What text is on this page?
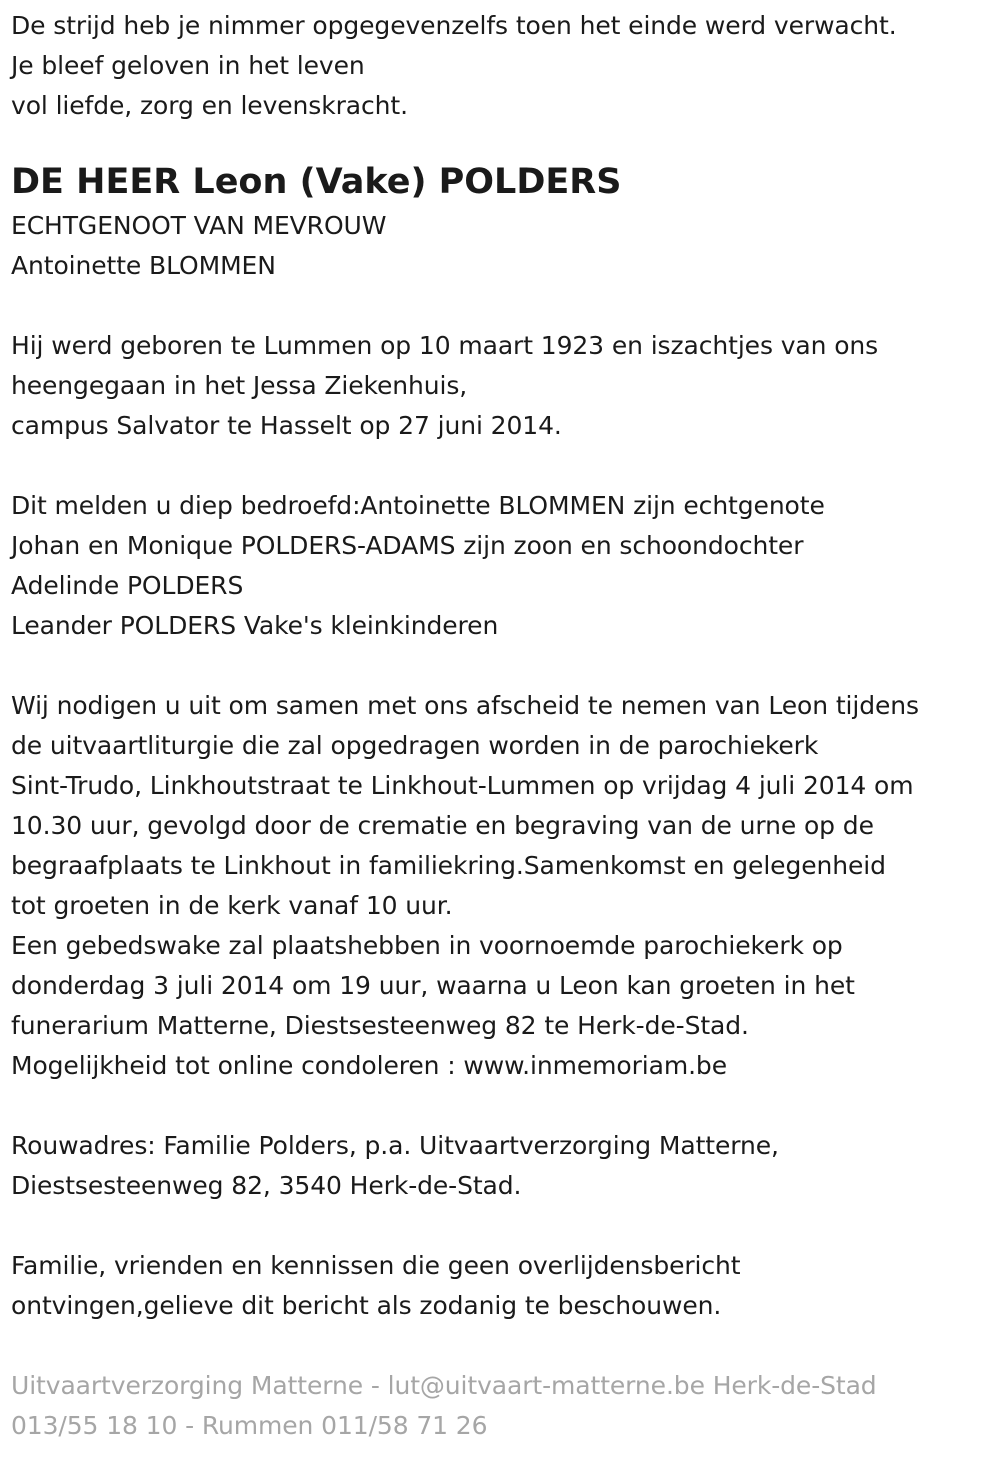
De strijd heb je nimmer opgegevenzelfs toen het einde werd verwacht.
Je bleef geloven in het leven
vol liefde, zorg en levenskracht.
DE HEER Leon (Vake) POLDERS
ECHTGENOOT VAN MEVROUW
Antoinette BLOMMEN
Hij werd geboren te Lummen op 10 maart 1923 en iszachtjes van ons
heengegaan in het Jessa Ziekenhuis,
campus Salvator te Hasselt op 27 juni 2014.
Dit melden u diep bedroefd:Antoinette BLOMMEN zijn echtgenote
Johan en Monique POLDERS-ADAMS zijn zoon en schoondochter
Adelinde POLDERS
Leander POLDERS Vake's kleinkinderen
Wij nodigen u uit om samen met ons afscheid te nemen van Leon tijdens
de uitvaartliturgie die zal opgedragen worden in de parochiekerk
Sint-Trudo, Linkhoutstraat te Linkhout-Lummen op vrijdag 4 juli 2014 om
10.30 uur, gevolgd door de crematie en begraving van de urne op de
begraafplaats te Linkhout in familiekring.Samenkomst en gelegenheid
tot groeten in de kerk vanaf 10 uur.
Een gebedswake zal plaatshebben in voornoemde parochiekerk op
donderdag 3 juli 2014 om 19 uur, waarna u Leon kan groeten in het
funerarium Matterne, Diestsesteenweg 82 te Herk-de-Stad.
Mogelijkheid tot online condoleren : www.inmemoriam.be
Rouwadres: Familie Polders, p.a. Uitvaartverzorging Matterne,
Diestsesteenweg 82, 3540 Herk-de-Stad.
Familie, vrienden en kennissen die geen overlijdensbericht
ontvingen,gelieve dit bericht als zodanig te beschouwen.
Uitvaartverzorging Matterne - lut@uitvaart-matterne.be Herk-de-Stad
013/55 18 10 - Rummen 011/58 71 26
